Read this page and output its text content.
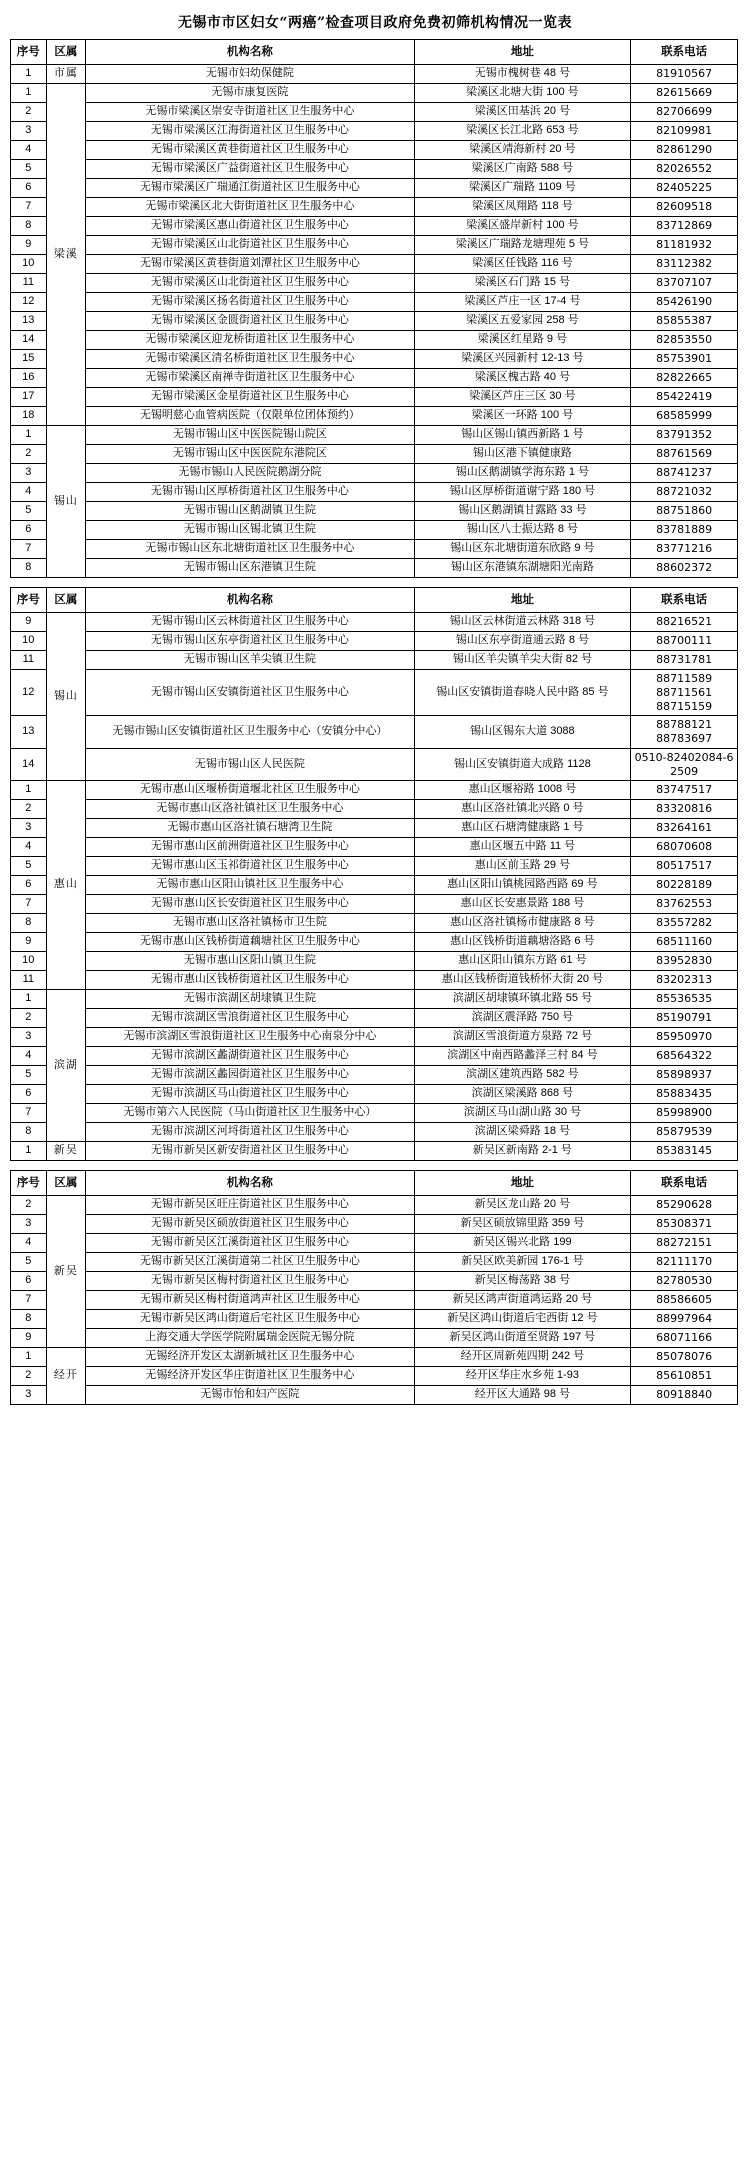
无锡市市区妇女“两癌”检查项目政府免费初筛机构情况一览表
序号	区属	机构名称	地址	联系电话
1	市属	无锡市妇幼保健院	无锡市槐树巷 48 号	81910567
1	梁溪	无锡市康复医院	梁溪区北塘大街 100 号	82615669
2		无锡市梁溪区崇安寺街道社区卫生服务中心	梁溪区田基浜 20 号	82706699
3		无锡市梁溪区江海街道社区卫生服务中心	梁溪区长江北路 653 号	82109981
4		无锡市梁溪区黄巷街道社区卫生服务中心	梁溪区靖海新村 20 号	82861290
5		无锡市梁溪区广益街道社区卫生服务中心	梁溪区广南路 588 号	82026552
6		无锡市梁溪区广瑞通江街道社区卫生服务中心	梁溪区广瑞路 1109 号	82405225
7		无锡市梁溪区北大街街道社区卫生服务中心	梁溪区凤翔路 118 号	82609518
8		无锡市梁溪区惠山街道社区卫生服务中心	梁溪区盛岸新村 100 号	83712869
9		无锡市梁溪区山北街道社区卫生服务中心	梁溪区广瑞路龙塘理苑 5 号	81181932
10		无锡市梁溪区黄巷街道刘潭社区卫生服务中心	梁溪区任钱路 116 号	83112382
11		无锡市梁溪区山北街道社区卫生服务中心	梁溪区石门路 15 号	83707107
12		无锡市梁溪区扬名街道社区卫生服务中心	梁溪区芦庄一区 17-4 号	85426190
13		无锡市梁溪区金匮街道社区卫生服务中心	梁溪区五爱家园 258 号	85855387
14		无锡市梁溪区迎龙桥街道社区卫生服务中心	梁溪区红星路 9 号	82853550
15		无锡市梁溪区清名桥街道社区卫生服务中心	梁溪区兴园新村 12-13 号	85753901
16		无锡市梁溪区南禅寺街道社区卫生服务中心	梁溪区槐古路 40 号	82822665
17		无锡市梁溪区金星街道社区卫生服务中心	梁溪区芦庄三区 30 号	85422419
18		无锡明慈心血管病医院（仅限单位团体预约）	梁溪区一环路 100 号	68585999
1	锡山	无锡市锡山区中医医院锡山院区	锡山区锡山镇西新路 1 号	83791352
2		无锡市锡山区中医医院东港院区	锡山区港下镇健康路	88761569
3		无锡市锡山人民医院鹅湖分院	锡山区鹅湖镇学海东路 1 号	88741237
4		无锡市锡山区厚桥街道社区卫生服务中心	锡山区厚桥街道谢宁路 180 号	88721032
5		无锡市锡山区鹅湖镇卫生院	锡山区鹅湖镇甘露路 33 号	88751860
6		无锡市锡山区锡北镇卫生院	锡山区八士振达路 8 号	83781889
7		无锡市锡山区东北塘街道社区卫生服务中心	锡山区东北塘街道东欣路 9 号	83771216
8		无锡市锡山区东港镇卫生院	锡山区东港镇东湖塘阳光南路	88602372
序号	区属	机构名称	地址	联系电话
9	锡山	无锡市锡山区云林街道社区卫生服务中心	锡山区云林街道云林路 318 号	88216521
10		无锡市锡山区东亭街道社区卫生服务中心	锡山区东亭街道通云路 8 号	88700111
11		无锡市锡山区羊尖镇卫生院	锡山区羊尖镇羊尖大街 82 号	88731781
12		无锡市锡山区安镇街道社区卫生服务中心	锡山区安镇街道春晓人民中路 85 号	88711589
88711561
88715159
13		无锡市锡山区安镇街道社区卫生服务中心（安镇分中心）	锡山区锡东大道 3088	88788121
88783697
14		无锡市锡山区人民医院	锡山区安镇街道大成路 1128	0510-82402084-62509
1	惠山	无锡市惠山区堰桥街道堰北社区卫生服务中心	惠山区堰裕路 1008 号	83747517
2		无锡市惠山区洛社镇社区卫生服务中心	惠山区洛社镇北兴路 0 号	83320816
3		无锡市惠山区洛社镇石塘湾卫生院	惠山区石塘湾健康路 1 号	83264161
4		无锡市惠山区前洲街道社区卫生服务中心	惠山区堰五中路 11 号	68070608
5		无锡市惠山区玉祁街道社区卫生服务中心	惠山区前玉路 29 号	80517517
6		无锡市惠山区阳山镇社区卫生服务中心	惠山区阳山镇桃园路西路 69 号	80228189
7		无锡市惠山区长安街道社区卫生服务中心	惠山区长安惠景路 188 号	83762553
8		无锡市惠山区洛社镇杨市卫生院	惠山区洛社镇杨市健康路 8 号	83557282
9		无锡市惠山区钱桥街道藕塘社区卫生服务中心	惠山区钱桥街道藕塘洛路 6 号	68511160
10		无锡市惠山区阳山镇卫生院	惠山区阳山镇东方路 61 号	83952830
11		无锡市惠山区钱桥街道社区卫生服务中心	惠山区钱桥街道钱桥怀大街 20 号	83202313
1	滨湖	无锡市滨湖区胡埭镇卫生院	滨湖区胡埭镇环镇北路 55 号	85536535
2		无锡市滨湖区雪浪街道社区卫生服务中心	滨湖区震泽路 750 号	85190791
3		无锡市滨湖区雪浪街道社区卫生服务中心南泉分中心	滨湖区雪浪街道方泉路 72 号	85950970
4		无锡市滨湖区蠡湖街道社区卫生服务中心	滨湖区中南西路蠡泽三村 84 号	68564322
5		无锡市滨湖区蠡园街道社区卫生服务中心	滨湖区建筑西路 582 号	85898937
6		无锡市滨湖区马山街道社区卫生服务中心	滨湖区梁溪路 868 号	85883435
7		无锡市第六人民医院（马山街道社区卫生服务中心）	滨湖区马山湖山路 30 号	85998900
8		无锡市滨湖区河埒街道社区卫生服务中心	滨湖区梁舜路 18 号	85879539
1	新吴	无锡市新吴区新安街道社区卫生服务中心	新吴区新南路 2-1 号	85383145
序号	区属	机构名称	地址	联系电话
2	新吴	无锡市新吴区旺庄街道社区卫生服务中心	新吴区龙山路 20 号	85290628
3		无锡市新吴区硕放街道社区卫生服务中心	新吴区硕放锦里路 359 号	85308371
4		无锡市新吴区江溪街道社区卫生服务中心	新吴区锡兴北路 199	88272151
5		无锡市新吴区江溪街道第二社区卫生服务中心	新吴区欧美新园 176-1 号	82111170
6		无锡市新吴区梅村街道社区卫生服务中心	新吴区梅荡路 38 号	82780530
7		无锡市新吴区梅村街道鸿声社区卫生服务中心	新吴区鸿声街道鸿运路 20 号	88586605
8		无锡市新吴区鸿山街道后宅社区卫生服务中心	新吴区鸿山街道后宅西街 12 号	88997964
9		上海交通大学医学院附属瑞金医院无锡分院	新吴区鸿山街道至贤路 197 号	68071166
1	经开	无锡经济开发区太湖新城社区卫生服务中心	经开区周新苑四期 242 号	85078076
2		无锡经济开发区华庄街道社区卫生服务中心	经开区华庄水乡苑 1-93	85610851
3		无锡市怡和妇产医院	经开区大通路 98 号	80918840
